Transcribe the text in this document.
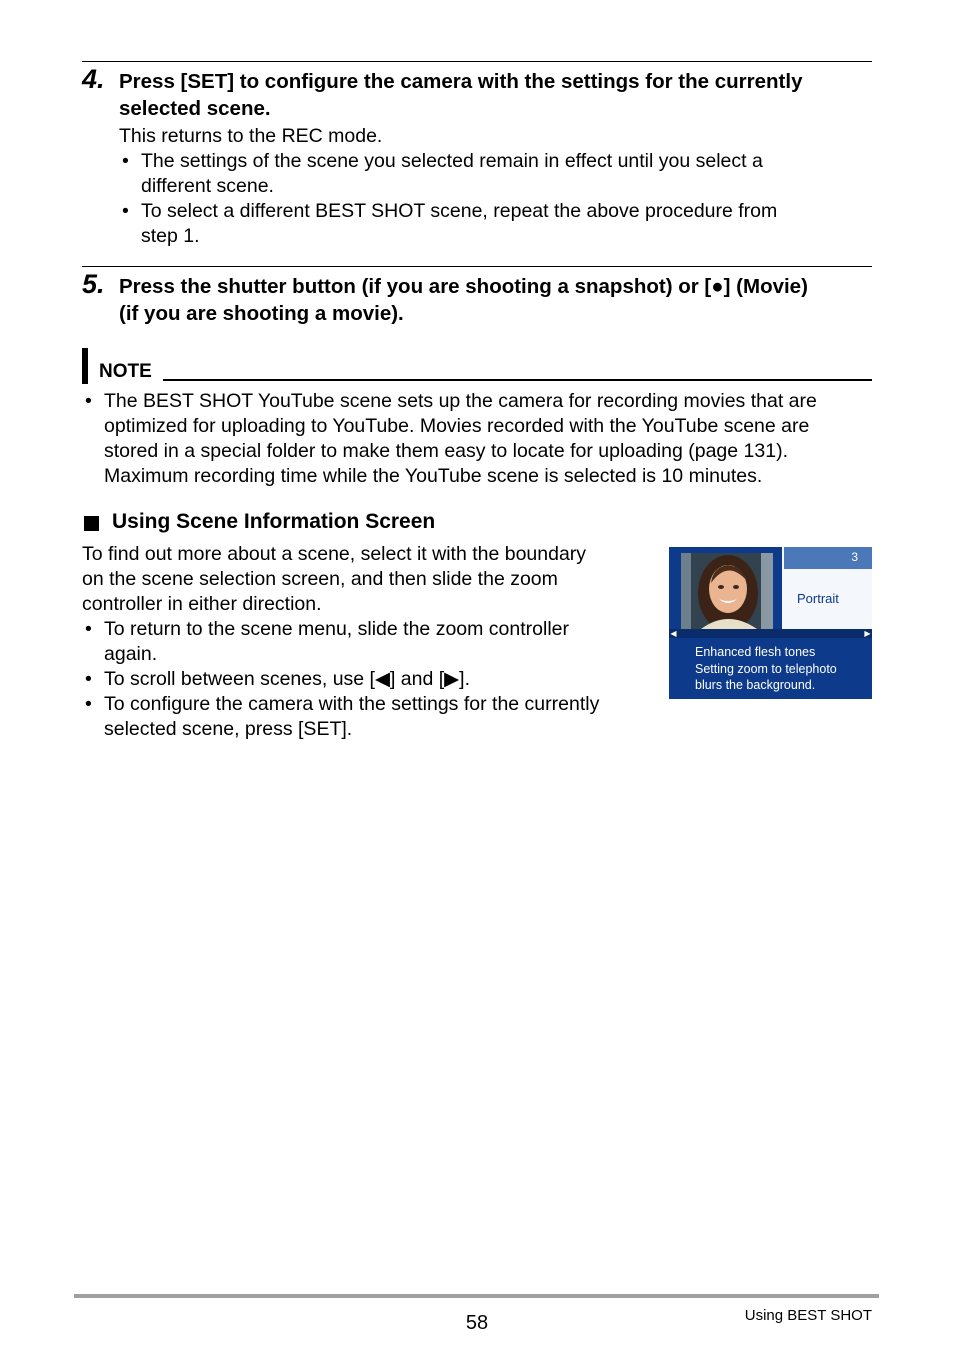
4. Press [SET] to configure the camera with the settings for the currently
selected scene.
This returns to the REC mode.
• The settings of the scene you selected remain in effect until you select a
different scene.
• To select a different BEST SHOT scene, repeat the above procedure from
step 1.
5. Press the shutter button (if you are shooting a snapshot) or [●] (Movie)
(if you are shooting a movie).
NOTE
• The BEST SHOT YouTube scene sets up the camera for recording movies that are
optimized for uploading to YouTube. Movies recorded with the YouTube scene are
stored in a special folder to make them easy to locate for uploading (page 131).
Maximum recording time while the YouTube scene is selected is 10 minutes.
Using Scene Information Screen
To find out more about a scene, select it with the boundary
on the scene selection screen, and then slide the zoom
controller in either direction.
• To return to the scene menu, slide the zoom controller
again.
• To scroll between scenes, use [◀] and [▶].
• To configure the camera with the settings for the currently
selected scene, press [SET].
3
Portrait
◀	▶
Enhanced flesh tones
Setting zoom to telephoto
blurs the background.
58	Using BEST SHOT
